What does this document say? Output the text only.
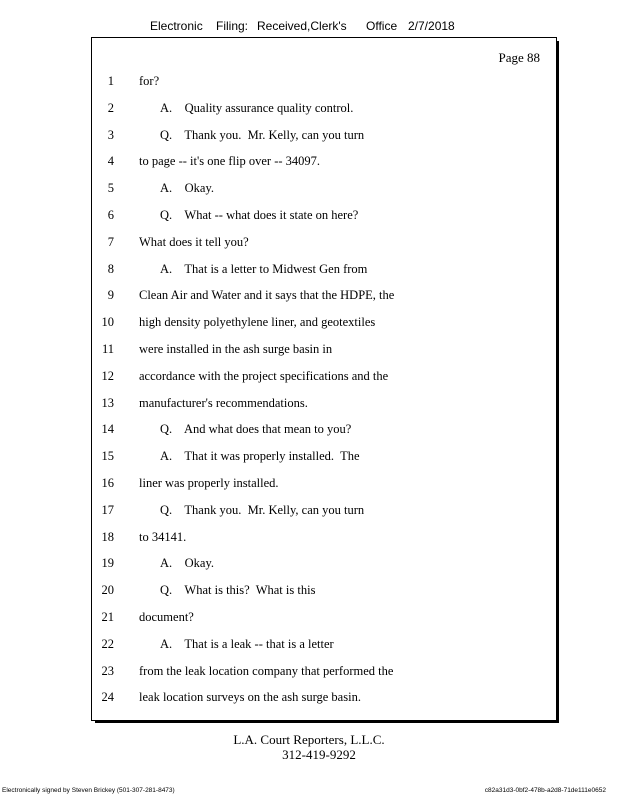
Electronic Filing: Received,Clerk's Office 2/7/2018
Page 88
1 for?
2	A.    Quality assurance quality control.
3	Q.    Thank you.  Mr. Kelly, can you turn
4 to page -- it's one flip over -- 34097.
5	A.    Okay.
6	Q.    What -- what does it state on here?
7 What does it tell you?
8	A.    That is a letter to Midwest Gen from
9 Clean Air and Water and it says that the HDPE, the
10 high density polyethylene liner, and geotextiles
11 were installed in the ash surge basin in
12 accordance with the project specifications and the
13 manufacturer's recommendations.
14	Q.    And what does that mean to you?
15	A.    That it was properly installed.  The
16 liner was properly installed.
17	Q.    Thank you.  Mr. Kelly, can you turn
18 to 34141.
19	A.    Okay.
20	Q.    What is this?  What is this
21 document?
22	A.    That is a leak -- that is a letter
23 from the leak location company that performed the
24 leak location surveys on the ash surge basin.
L.A. Court Reporters, L.L.C.
312-419-9292
Electronically signed by Steven Brickey (501-307-281-8473)	c82a31d3-0bf2-478b-a2d8-71de111e0652
